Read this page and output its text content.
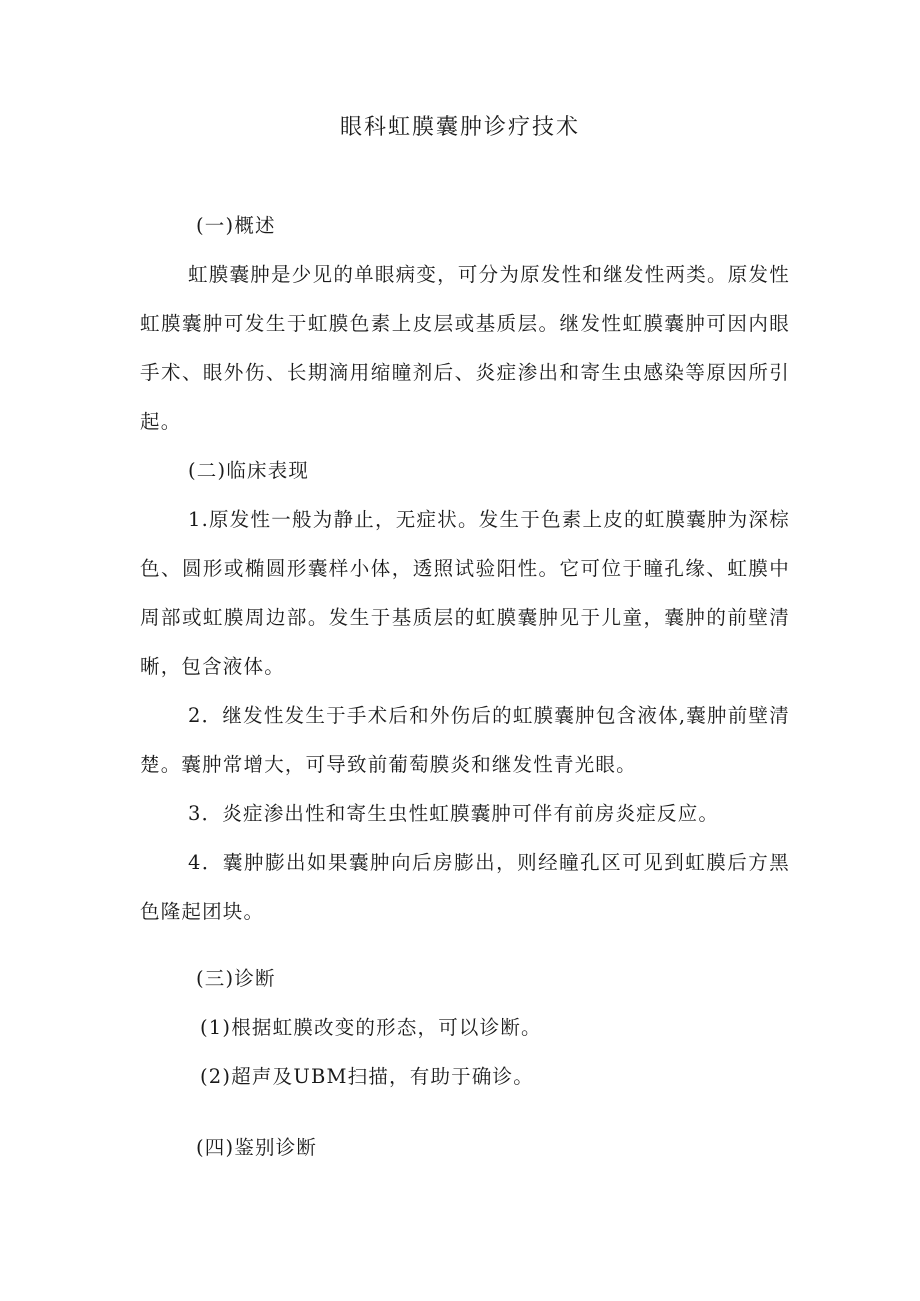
眼科虹膜囊肿诊疗技术
(一)概述
虹膜囊肿是少见的单眼病变，可分为原发性和继发性两类。原发性虹膜囊肿可发生于虹膜色素上皮层或基质层。继发性虹膜囊肿可因内眼手术、眼外伤、长期滴用缩瞳剂后、炎症渗出和寄生虫感染等原因所引起。
(二)临床表现
1.原发性一般为静止，无症状。发生于色素上皮的虹膜囊肿为深棕色、圆形或椭圆形囊样小体，透照试验阳性。它可位于瞳孔缘、虹膜中周部或虹膜周边部。发生于基质层的虹膜囊肿见于儿童，囊肿的前壁清晰，包含液体。
2．继发性发生于手术后和外伤后的虹膜囊肿包含液体,囊肿前壁清楚。囊肿常增大，可导致前葡萄膜炎和继发性青光眼。
3．炎症渗出性和寄生虫性虹膜囊肿可伴有前房炎症反应。
4．囊肿膨出如果囊肿向后房膨出，则经瞳孔区可见到虹膜后方黑色隆起团块。
(三)诊断
(1)根据虹膜改变的形态，可以诊断。
(2)超声及UBM扫描，有助于确诊。
(四)鉴别诊断
